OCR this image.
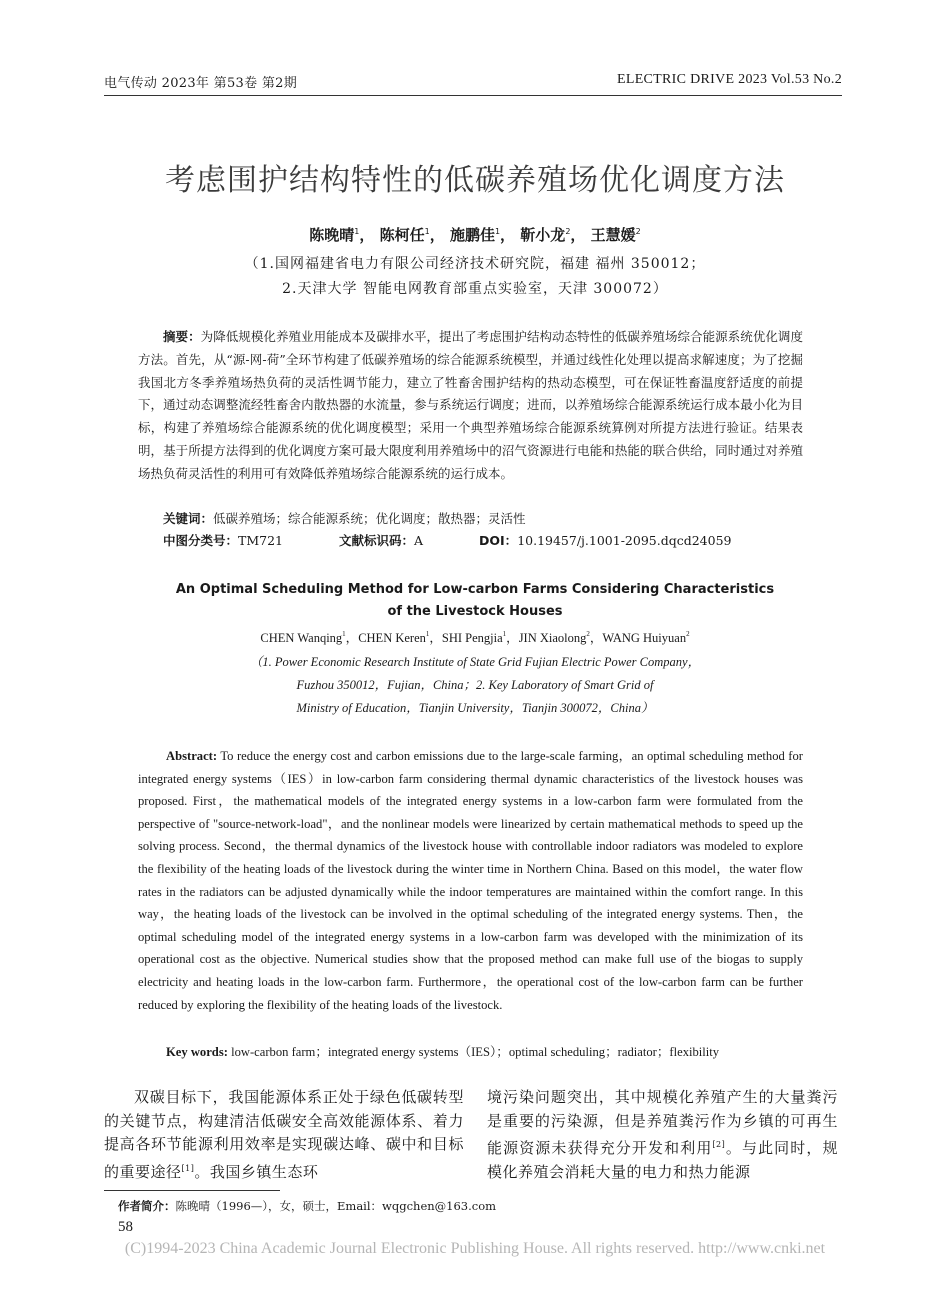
电气传动 2023年 第53卷 第2期	ELECTRIC DRIVE 2023 Vol.53 No.2
考虑围护结构特性的低碳养殖场优化调度方法
陈晚晴$^1$， 陈柯任$^1$， 施鹏佳$^1$， 靳小龙$^2$， 王慧媛$^2$
（1.国网福建省电力有限公司经济技术研究院，福建 福州 350012；
2.天津大学 智能电网教育部重点实验室，天津 300072）
摘要：为降低规模化养殖业用能成本及碳排水平，提出了考虑围护结构动态特性的低碳养殖场综合能源系统优化调度方法。首先，从“源-网-荷”全环节构建了低碳养殖场的综合能源系统模型，并通过线性化处理以提高求解速度；为了挖掘我国北方冬季养殖场热负荷的灵活性调节能力，建立了牲畜舍围护结构的热动态模型，可在保证牲畜温度舒适度的前提下，通过动态调整流经牲畜舍内散热器的水流量，参与系统运行调度；进而，以养殖场综合能源系统运行成本最小化为目标，构建了养殖场综合能源系统的优化调度模型；采用一个典型养殖场综合能源系统算例对所提方法进行验证。结果表明，基于所提方法得到的优化调度方案可最大限度利用养殖场中的沼气资源进行电能和热能的联合供给，同时通过对养殖场热负荷灵活性的利用可有效降低养殖场综合能源系统的运行成本。
关键词：低碳养殖场；综合能源系统；优化调度；散热器；灵活性
中图分类号：TM721	文献标识码：A	DOI：10.19457/j.1001-2095.dqcd24059
An Optimal Scheduling Method for Low-carbon Farms Considering Characteristics
of the Livestock Houses
CHEN Wanqing$^1$，CHEN Keren$^1$，SHI Pengjia$^1$，JIN Xiaolong$^2$，WANG Huiyuan$^2$
（1. Power Economic Research Institute of State Grid Fujian Electric Power Company，
Fuzhou 350012，Fujian，China；2. Key Laboratory of Smart Grid of
Ministry of Education，Tianjin University，Tianjin 300072，China）
Abstract: To reduce the energy cost and carbon emissions due to the large-scale farming，an optimal scheduling method for integrated energy systems（IES）in low-carbon farm considering thermal dynamic characteristics of the livestock houses was proposed. First，the mathematical models of the integrated energy systems in a low-carbon farm were formulated from the perspective of "source-network-load"，and the nonlinear models were linearized by certain mathematical methods to speed up the solving process. Second，the thermal dynamics of the livestock house with controllable indoor radiators was modeled to explore the flexibility of the heating loads of the livestock during the winter time in Northern China. Based on this model，the water flow rates in the radiators can be adjusted dynamically while the indoor temperatures are maintained within the comfort range. In this way，the heating loads of the livestock can be involved in the optimal scheduling of the integrated energy systems. Then，the optimal scheduling model of the integrated energy systems in a low-carbon farm was developed with the minimization of its operational cost as the objective. Numerical studies show that the proposed method can make full use of the biogas to supply electricity and heating loads in the low-carbon farm. Furthermore，the operational cost of the low-carbon farm can be further reduced by exploring the flexibility of the heating loads of the livestock.
Key words: low-carbon farm；integrated energy systems（IES）；optimal scheduling；radiator；flexibility
双碳目标下，我国能源体系正处于绿色低碳转型的关键节点，构建清洁低碳安全高效能源体系、着力提高各环节能源利用效率是实现碳达峰、碳中和目标的重要途径[1]。我国乡镇生态环
境污染问题突出，其中规模化养殖产生的大量粪污是重要的污染源，但是养殖粪污作为乡镇的可再生能源资源未获得充分开发和利用[2]。与此同时，规模化养殖会消耗大量的电力和热力能源
作者简介：陈晚晴（1996—），女，硕士，Email：wqgchen@163.com
58
(C)1994-2023 China Academic Journal Electronic Publishing House. All rights reserved. http://www.cnki.net
